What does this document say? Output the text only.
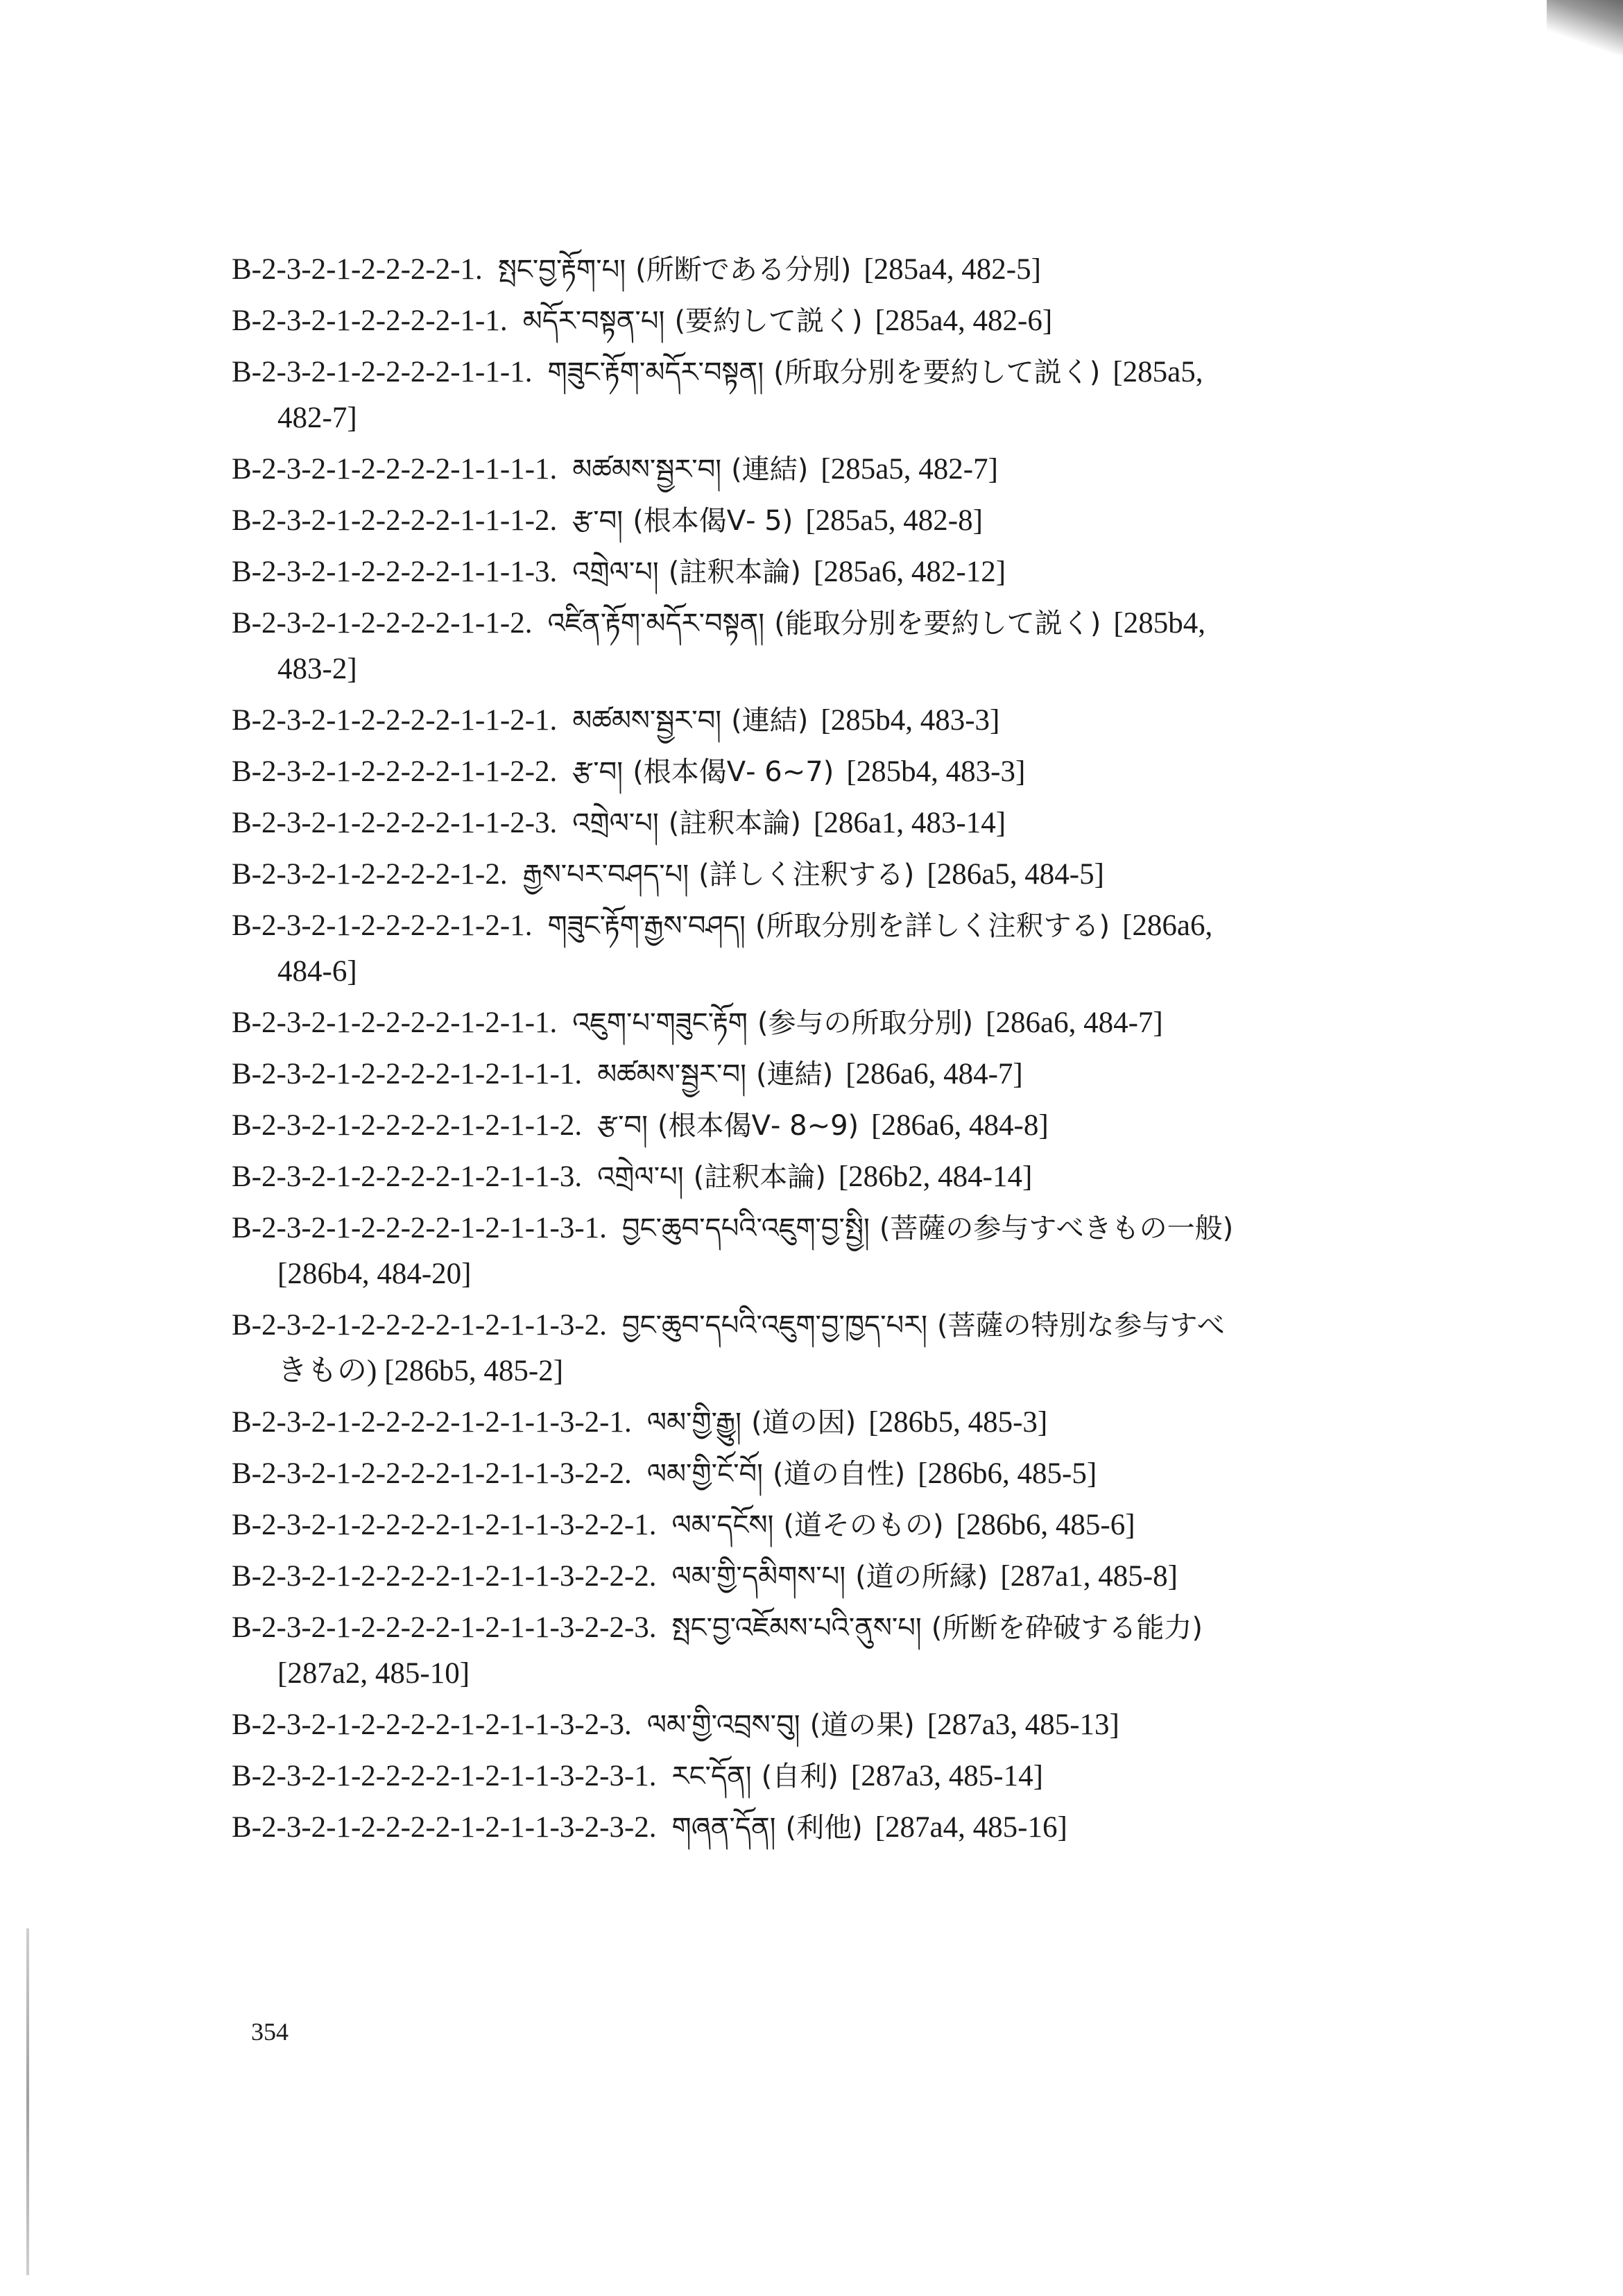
B-2-3-2-1-2-2-2-2-1. སྤང་བྱ་རྟོག་པ། (所断である分別) [285a4, 482-5]
B-2-3-2-1-2-2-2-2-1-1. མདོར་བསྟན་པ། (要約して説く) [285a4, 482-6]
B-2-3-2-1-2-2-2-2-1-1-1. གཟུང་རྟོག་མདོར་བསྟན། (所取分別を要約して説く) [285a5,
482-7]
B-2-3-2-1-2-2-2-2-1-1-1-1. མཚམས་སྦྱར་བ། (連結) [285a5, 482-7]
B-2-3-2-1-2-2-2-2-1-1-1-2. རྩ་བ། (根本偈Ⅴ- 5) [285a5, 482-8]
B-2-3-2-1-2-2-2-2-1-1-1-3. འགྲེལ་པ། (註釈本論) [285a6, 482-12]
B-2-3-2-1-2-2-2-2-1-1-2. འཛིན་རྟོག་མདོར་བསྟན། (能取分別を要約して説く) [285b4,
483-2]
B-2-3-2-1-2-2-2-2-1-1-2-1. མཚམས་སྦྱར་བ། (連結) [285b4, 483-3]
B-2-3-2-1-2-2-2-2-1-1-2-2. རྩ་བ། (根本偈Ⅴ- 6~7) [285b4, 483-3]
B-2-3-2-1-2-2-2-2-1-1-2-3. འགྲེལ་པ། (註釈本論) [286a1, 483-14]
B-2-3-2-1-2-2-2-2-1-2. རྒྱས་པར་བཤད་པ། (詳しく注釈する) [286a5, 484-5]
B-2-3-2-1-2-2-2-2-1-2-1. གཟུང་རྟོག་རྒྱས་བཤད། (所取分別を詳しく注釈する) [286a6,
484-6]
B-2-3-2-1-2-2-2-2-1-2-1-1. འཇུག་པ་གཟུང་རྟོག (参与の所取分別) [286a6, 484-7]
B-2-3-2-1-2-2-2-2-1-2-1-1-1. མཚམས་སྦྱར་བ། (連結) [286a6, 484-7]
B-2-3-2-1-2-2-2-2-1-2-1-1-2. རྩ་བ། (根本偈Ⅴ- 8~9) [286a6, 484-8]
B-2-3-2-1-2-2-2-2-1-2-1-1-3. འགྲེལ་པ། (註釈本論) [286b2, 484-14]
B-2-3-2-1-2-2-2-2-1-2-1-1-3-1. བྱང་ཆུབ་དཔའི་འཇུག་བྱ་སྤྱི། (菩薩の参与すべきもの一般)
[286b4, 484-20]
B-2-3-2-1-2-2-2-2-1-2-1-1-3-2. བྱང་ཆུབ་དཔའི་འཇུག་བྱ་ཁྱད་པར། (菩薩の特別な参与すべ
きもの) [286b5, 485-2]
B-2-3-2-1-2-2-2-2-1-2-1-1-3-2-1. ལམ་གྱི་རྒྱུ། (道の因) [286b5, 485-3]
B-2-3-2-1-2-2-2-2-1-2-1-1-3-2-2. ལམ་གྱི་ངོ་བོ། (道の自性) [286b6, 485-5]
B-2-3-2-1-2-2-2-2-1-2-1-1-3-2-2-1. ལམ་དངོས། (道そのもの) [286b6, 485-6]
B-2-3-2-1-2-2-2-2-1-2-1-1-3-2-2-2. ལམ་གྱི་དམིགས་པ། (道の所縁) [287a1, 485-8]
B-2-3-2-1-2-2-2-2-1-2-1-1-3-2-2-3. སྤང་བྱ་འཇོམས་པའི་ནུས་པ། (所断を砕破する能力)
[287a2, 485-10]
B-2-3-2-1-2-2-2-2-1-2-1-1-3-2-3. ལམ་གྱི་འབྲས་བུ། (道の果) [287a3, 485-13]
B-2-3-2-1-2-2-2-2-1-2-1-1-3-2-3-1. རང་དོན། (自利) [287a3, 485-14]
B-2-3-2-1-2-2-2-2-1-2-1-1-3-2-3-2. གཞན་དོན། (利他) [287a4, 485-16]
354
